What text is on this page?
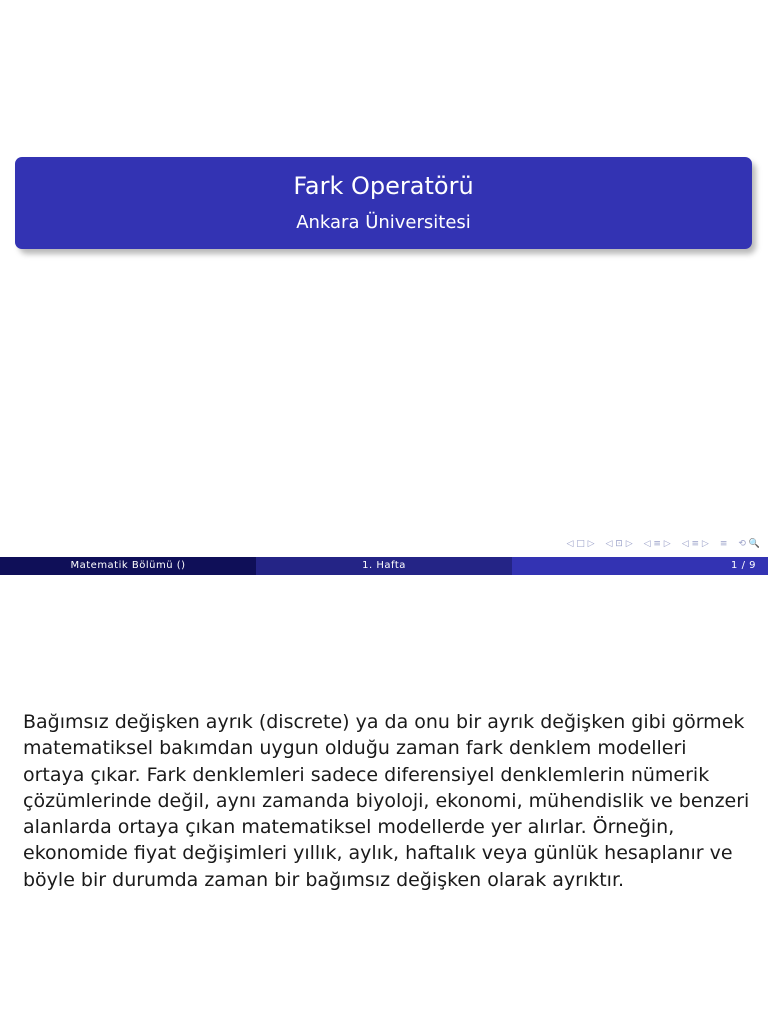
Fark Operatörü
Ankara Üniversitesi
◁ □ ▷ ◁ ⊡ ▷ ◁ ≡ ▷ ◁ ≡ ▷ ≡ ⟲ 🔍
Matematik Bölümü ()	1. Hafta	1 / 9
Bağımsız değişken ayrık (discrete) ya da onu bir ayrık değişken gibi görmek matematiksel bakımdan uygun olduğu zaman fark denklem modelleri ortaya çıkar. Fark denklemleri sadece diferensiyel denklemlerin nümerik çözümlerinde değil, aynı zamanda biyoloji, ekonomi, mühendislik ve benzeri alanlarda ortaya çıkan matematiksel modellerde yer alırlar. Örneğin, ekonomide fiyat değişimleri yıllık, aylık, haftalık veya günlük hesaplanır ve böyle bir durumda zaman bir bağımsız değişken olarak ayrıktır.
